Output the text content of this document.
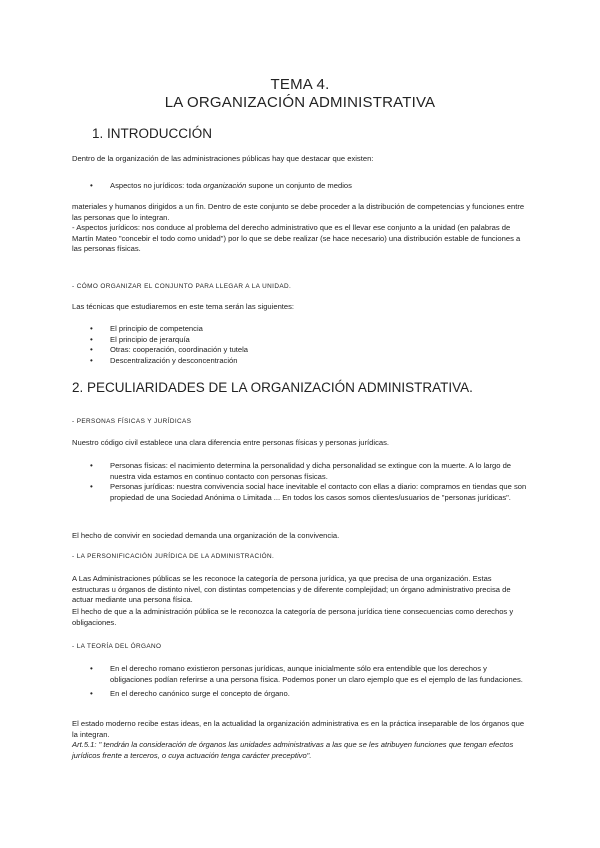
TEMA 4.
LA ORGANIZACIÓN ADMINISTRATIVA
1. INTRODUCCIÓN

Dentro de la organización de las administraciones públicas hay que destacar que existen:

• Aspectos no jurídicos: toda organización supone un conjunto de medios

materiales y humanos dirigidos a un fin. Dentro de este conjunto se debe proceder a la distribución de competencias y funciones entre las personas que lo integran.

- Aspectos jurídicos: nos conduce al problema del derecho administrativo que es el llevar ese conjunto a la unidad (en palabras de Martín Mateo "concebir el todo como unidad") por lo que se debe realizar (se hace necesario) una distribución estable de funciones a las personas físicas.

- CÓMO ORGANIZAR EL CONJUNTO PARA LLEGAR A LA UNIDAD.

Las técnicas que estudiaremos en este tema serán las siguientes:

• El principio de competencia
• El principio de jerarquía
• Otras: cooperación, coordinación y tutela
• Descentralización y desconcentración
2. PECULIARIDADES DE LA ORGANIZACIÓN ADMINISTRATIVA.
- PERSONAS FÍSICAS Y JURÍDICAS

Nuestro código civil establece una clara diferencia entre personas físicas y personas jurídicas.

• Personas físicas: el nacimiento determina la personalidad y dicha personalidad se extingue con la muerte. A lo largo de nuestra vida estamos en continuo contacto con personas físicas.
• Personas jurídicas: nuestra convivencia social hace inevitable el contacto con ellas a diario: compramos en tiendas que son propiedad de una Sociedad Anónima o Limitada ... En todos los casos somos clientes/usuarios de "personas jurídicas".

El hecho de convivir en sociedad demanda una organización de la convivencia.

- LA PERSONIFICACIÓN JURÍDICA DE LA ADMINISTRACIÓN.

A Las Administraciones públicas se les reconoce la categoría de persona jurídica, ya que precisa de una organización. Estas estructuras u órganos de distinto nivel, con distintas competencias y de diferente complejidad; un órgano administrativo precisa de actuar mediante una persona física.

El hecho de que a la administración pública se le reconozca la categoría de persona jurídica tiene consecuencias como derechos y obligaciones.

- LA TEORÍA DEL ÓRGANO
• En el derecho romano existieron personas jurídicas, aunque inicialmente sólo era entendible que los derechos y obligaciones podían referirse a una persona física. Podemos poner un claro ejemplo que es el ejemplo de las fundaciones.
• En el derecho canónico surge el concepto de órgano.

El estado moderno recibe estas ideas, en la actualidad la organización administrativa es en la práctica inseparable de los órganos que la integran.

Art.5.1: " tendrán la consideración de órganos las unidades administrativas a las que se les atribuyen funciones que tengan efectos jurídicos frente a terceros, o cuya actuación tenga carácter preceptivo".
